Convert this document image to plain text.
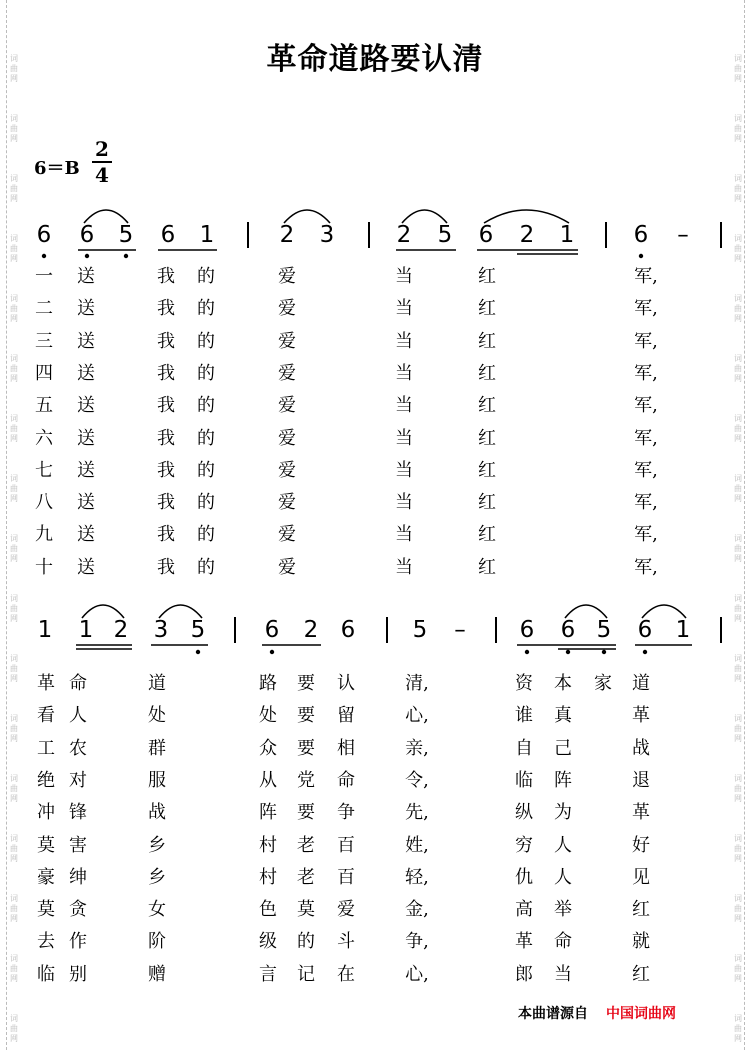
词
曲
网
词
曲
网
词
曲
网
词
曲
网
词
曲
网
词
曲
网
词
曲
网
词
曲
网
词
曲
网
词
曲
网
词
曲
网
词
曲
网
词
曲
网
词
曲
网
词
曲
网
词
曲
网
词
曲
网
词
曲
网
词
曲
网
词
曲
网
词
曲
网
词
曲
网
词
曲
网
词
曲
网
词
曲
网
词
曲
网
词
曲
网
词
曲
网
词
曲
网
词
曲
网
词
曲
网
词
曲
网
词
曲
网
词
曲
网
革命道路要认清
6＝B
2
4
6 6 5 6 1	2 3	2 5 6 2 1	6 –
一 送	我 的	爱	当	红	军,
二 送	我 的	爱	当	红	军,
三 送	我 的	爱	当	红	军,
四 送	我 的	爱	当	红	军,
五 送	我 的	爱	当	红	军,
六 送	我 的	爱	当	红	军,
七 送	我 的	爱	当	红	军,
八 送	我 的	爱	当	红	军,
九 送	我 的	爱	当	红	军,
十 送	我 的	爱	当	红	军,
1 1 2 3 5	6 2 6 5 – 6 6 5 6 1
革 命	道	路 要 认	清,	资 本 家 道
看 人	处	处 要 留	心,	谁 真	革
工 农	群	众 要 相	亲,	自 己	战
绝 对	服	从 党 命	令,	临 阵	退
冲 锋	战	阵 要 争	先,	纵 为	革
莫 害	乡	村 老 百	姓,	穷 人	好
豪 绅	乡	村 老 百	轻,	仇 人	见
莫 贪	女	色 莫 爱	金,	高 举	红
去 作	阶	级 的 斗	争,	革 命	就
临 别	赠	言 记 在	心,	郎 当	红
本曲谱源自 中国词曲网
